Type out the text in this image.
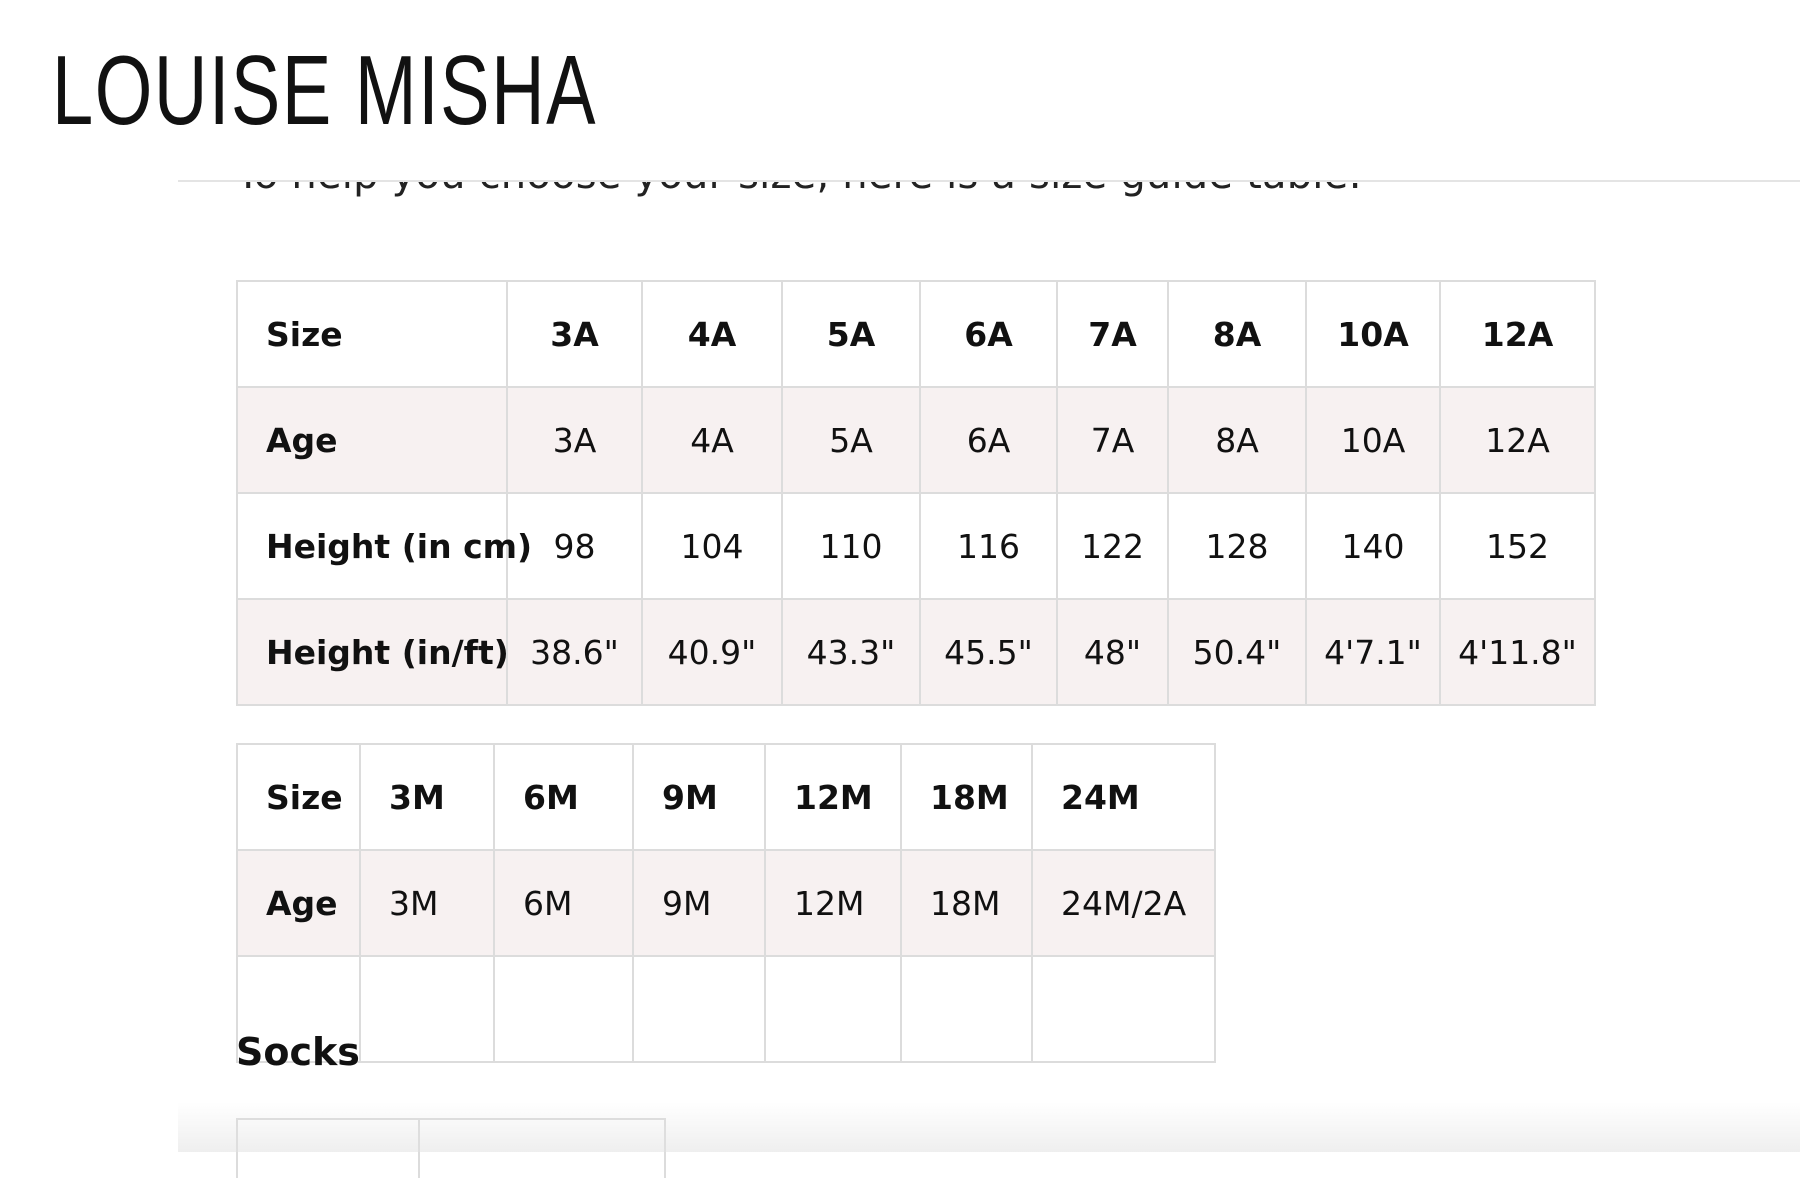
Size	3A	4A	5A	6A	7A	8A	10A	12A
Age	3A	4A	5A	6A	7A	8A	10A	12A
Height (in cm)	98	104	110	116	122	128	140	152
Height (in/ft)	38.6"	40.9"	43.3"	45.5"	48"	50.4"	4'7.1"	4'11.8"
Size	3M	6M	9M	12M	18M	24M
Age	3M	6M	9M	12M	18M	24M/2A

Socks
LOUISE MISHA
